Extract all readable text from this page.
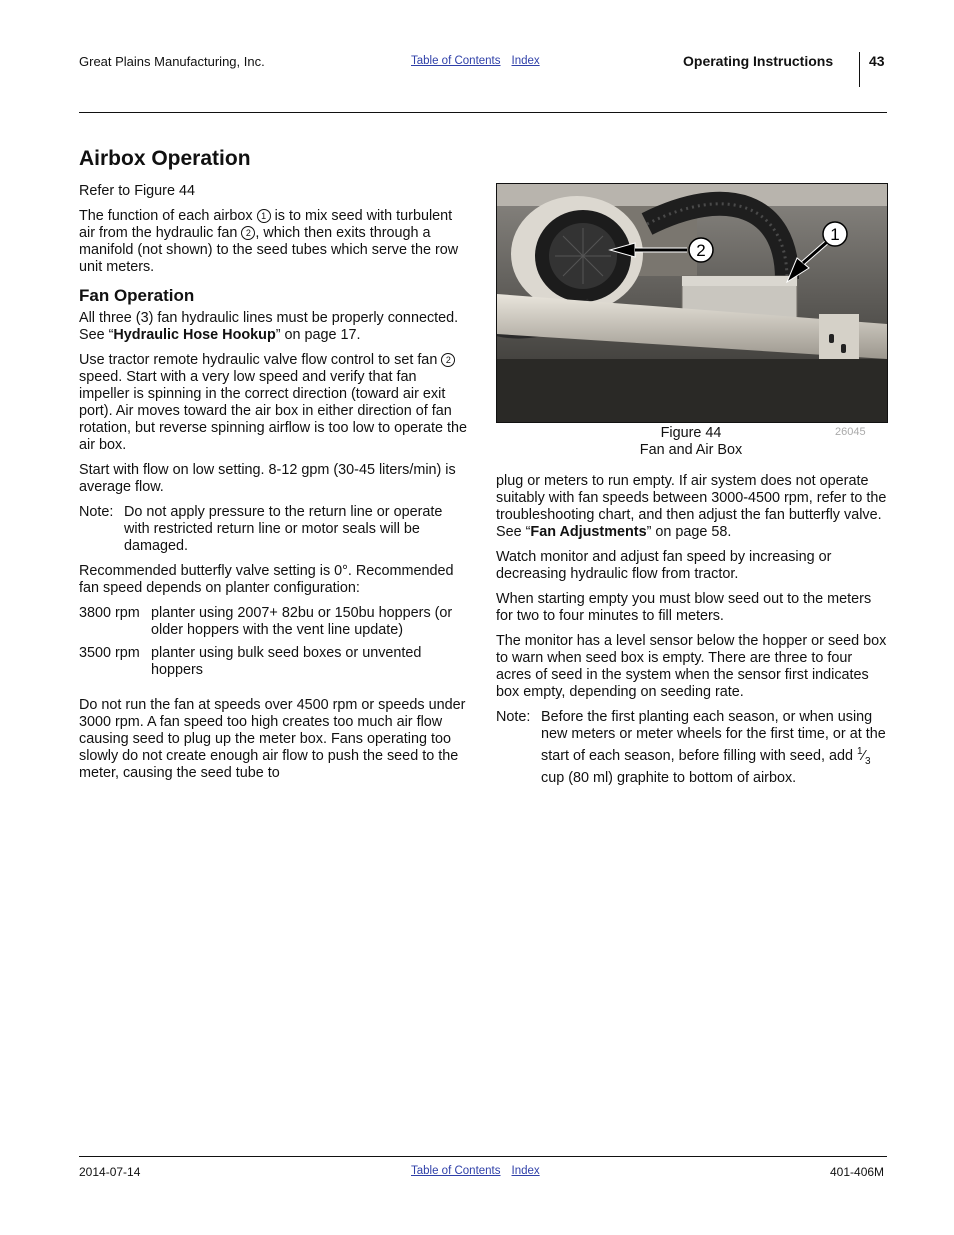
Great Plains Manufacturing, Inc.	Table of Contents Index	Operating Instructions	43
Airbox Operation

Refer to Figure 44

The function of each airbox 1 is to mix seed with turbulent air from the hydraulic fan 2 , which then exits through a manifold (not shown) to the seed tubes which serve the row unit meters.

Fan Operation

All three (3) fan hydraulic lines must be properly connected. See “Hydraulic Hose Hookup” on page 17.

Use tractor remote hydraulic valve flow control to set fan 2 speed. Start with a very low speed and verify that fan impeller is spinning in the correct direction (toward air exit port). Air moves toward the air box in either direction of fan rotation, but reverse spinning airflow is too low to operate the air box.

Start with flow on low setting. 8-12 gpm (30-45 liters/min) is average flow.

Note: Do not apply pressure to the return line or operate with restricted return line or motor seals will be damaged.

Recommended butterfly valve setting is 0°. Recommended fan speed depends on planter configuration:

3800 rpm planter using 2007+ 82bu or 150bu hoppers (or older hoppers with the vent line update)
3500 rpm planter using bulk seed boxes or unvented hoppers

Do not run the fan at speeds over 4500 rpm or speeds under 3000 rpm. A fan speed too high creates too much air flow causing seed to plug up the meter box. Fans operating too slowly do not create enough air flow to push the seed to the meter, causing the seed tube to

2
1
26045
Figure 44
Fan and Air Box

plug or meters to run empty. If air system does not operate suitably with fan speeds between 3000-4500 rpm, refer to the troubleshooting chart, and then adjust the fan butterfly valve. See “Fan Adjustments” on page 58.

Watch monitor and adjust fan speed by increasing or decreasing hydraulic flow from tractor.

When starting empty you must blow seed out to the meters for two to four minutes to fill meters.

The monitor has a level sensor below the hopper or seed box to warn when seed box is empty. There are three to four acres of seed in the system when the sensor first indicates box empty, depending on seeding rate.

Note: Before the first planting each season, or when using new meters or meter wheels for the first time, or at the start of each season, before filling with seed, add $^1⁄_3$ cup (80 ml) graphite to bottom of airbox.
2014-07-14	Table of Contents Index	401-406M
